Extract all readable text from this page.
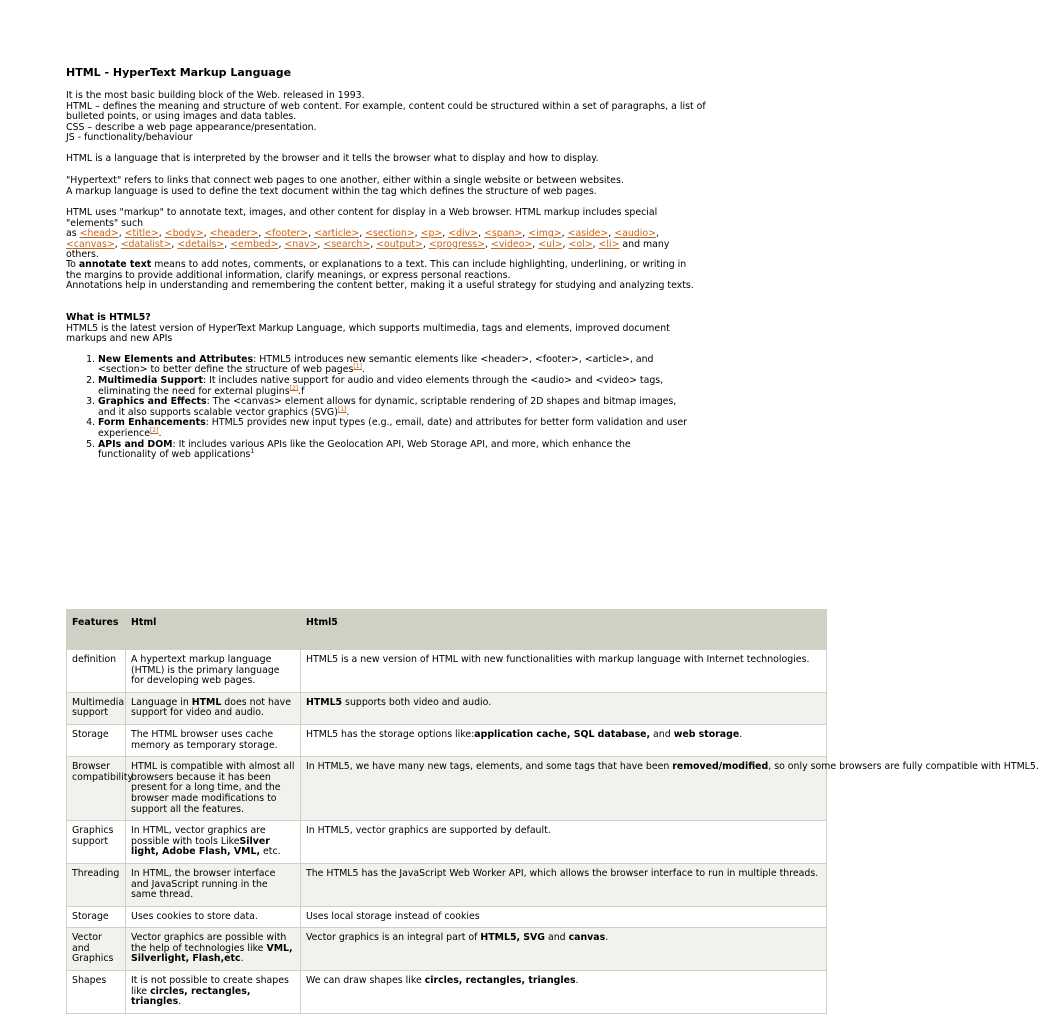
HTML - HyperText Markup Language

It is the most basic building block of the Web. released in 1993.

HTML – defines the meaning and structure of web content. For example, content could be structured within a set of paragraphs, a list of bulleted points, or using images and data tables.

CSS – describe a web page appearance/presentation.

JS - functionality/behaviour

HTML is a language that is interpreted by the browser and it tells the browser what to display and how to display.

"Hypertext" refers to links that connect web pages to one another, either within a single website or between websites.

A markup language is used to define the text document within the tag which defines the structure of web pages.

HTML uses "markup" to annotate text, images, and other content for display in a Web browser. HTML markup includes special "elements" such

as <head>, <title>, <body>, <header>, <footer>, <article>, <section>, <p>, <div>, <span>, <img>, <aside>, <audio>, <canvas>, <datalist>, <details>, <embed>, <nav>, <search>, <output>, <progress>, <video>, <ul>, <ol>, <li> and many others.

To annotate text means to add notes, comments, or explanations to a text. This can include highlighting, underlining, or writing in the margins to provide additional information, clarify meanings, or express personal reactions.

Annotations help in understanding and remembering the content better, making it a useful strategy for studying and analyzing texts.

What is HTML5?

HTML5 is the latest version of HyperText Markup Language, which supports multimedia, tags and elements, improved document markups and new APIs

1. New Elements and Attributes: HTML5 introduces new semantic elements like <header>, <footer>, <article>, and <section> to better define the structure of web pages[1].
2. Multimedia Support: It includes native support for audio and video elements through the <audio> and <video> tags, eliminating the need for external plugins[2].f
3. Graphics and Effects: The <canvas> element allows for dynamic, scriptable rendering of 2D shapes and bitmap images, and it also supports scalable vector graphics (SVG)[1].
4. Form Enhancements: HTML5 provides new input types (e.g., email, date) and attributes for better form validation and user experience[2].
5. APIs and DOM: It includes various APIs like the Geolocation API, Web Storage API, and more, which enhance the functionality of web applications$^1$
Features	Html	Html5
definition	A hypertext markup language (HTML) is the primary language for developing web pages.	HTML5 is a new version of HTML with new functionalities with markup language with Internet technologies.
Multimedia support	Language in HTML does not have support for video and audio.	HTML5 supports both video and audio.
Storage	The HTML browser uses cache memory as temporary storage.	HTML5 has the storage options like:application cache, SQL database, and web storage.
Browser compatibility	HTML is compatible with almost all browsers because it has been present for a long time, and the browser made modifications to support all the features.	In HTML5, we have many new tags, elements, and some tags that have been removed/modified, so only some browsers are fully compatible with HTML5.
Graphics support	In HTML, vector graphics are possible with tools LikeSilver light, Adobe Flash, VML, etc.	In HTML5, vector graphics are supported by default.
Threading	In HTML, the browser interface and JavaScript running in the same thread.	The HTML5 has the JavaScript Web Worker API, which allows the browser interface to run in multiple threads.
Storage	Uses cookies to store data.	Uses local storage instead of cookies
Vector and Graphics	Vector graphics are possible with the help of technologies like VML, Silverlight, Flash,etc.	Vector graphics is an integral part of HTML5, SVG and canvas.
Shapes	It is not possible to create shapes like circles, rectangles, triangles.	We can draw shapes like circles, rectangles, triangles.
